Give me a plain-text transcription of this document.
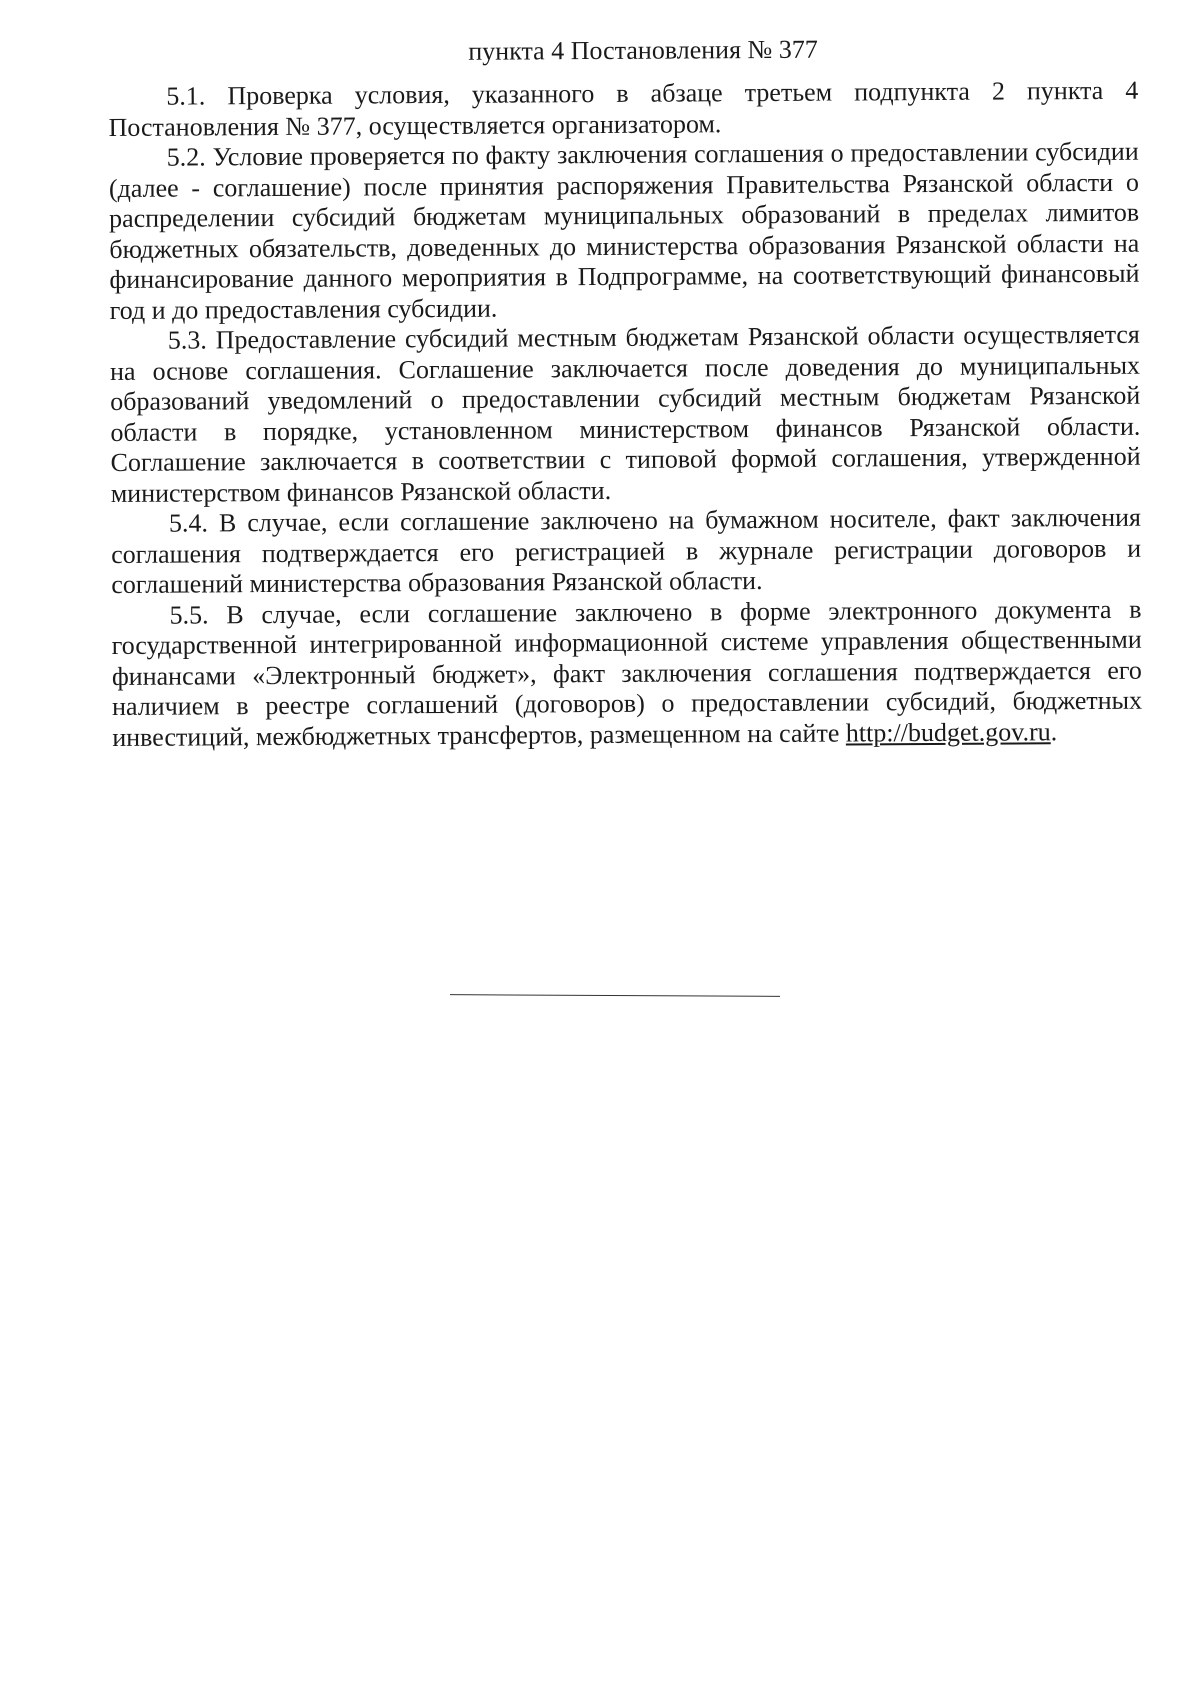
пункта 4 Постановления № 377

5.1. Проверка условия, указанного в абзаце третьем подпункта 2 пункта 4 Постановления № 377, осуществляется организатором.

5.2. Условие проверяется по факту заключения соглашения о предоставлении субсидии (далее - соглашение) после принятия распоряжения Правительства Рязанской области о распределении субсидий бюджетам муниципальных образований в пределах лимитов бюджетных обязательств, доведенных до министерства образования Рязанской области на финансирование данного мероприятия в Подпрограмме, на соответствующий финансовый год и до предоставления субсидии.

5.3. Предоставление субсидий местным бюджетам Рязанской области осуществляется на основе соглашения. Соглашение заключается после доведения до муниципальных образований уведомлений о предоставлении субсидий местным бюджетам Рязанской области в порядке, установленном министерством финансов Рязанской области. Соглашение заключается в соответствии с типовой формой соглашения, утвержденной министерством финансов Рязанской области.

5.4. В случае, если соглашение заключено на бумажном носителе, факт заключения соглашения подтверждается его регистрацией в журнале регистрации договоров и соглашений министерства образования Рязанской области.

5.5. В случае, если соглашение заключено в форме электронного документа в государственной интегрированной информационной системе управления общественными финансами «Электронный бюджет», факт заключения соглашения подтверждается его наличием в реестре соглашений (договоров) о предоставлении субсидий, бюджетных инвестиций, межбюджетных трансфертов, размещенном на сайте http://budget.gov.ru.
